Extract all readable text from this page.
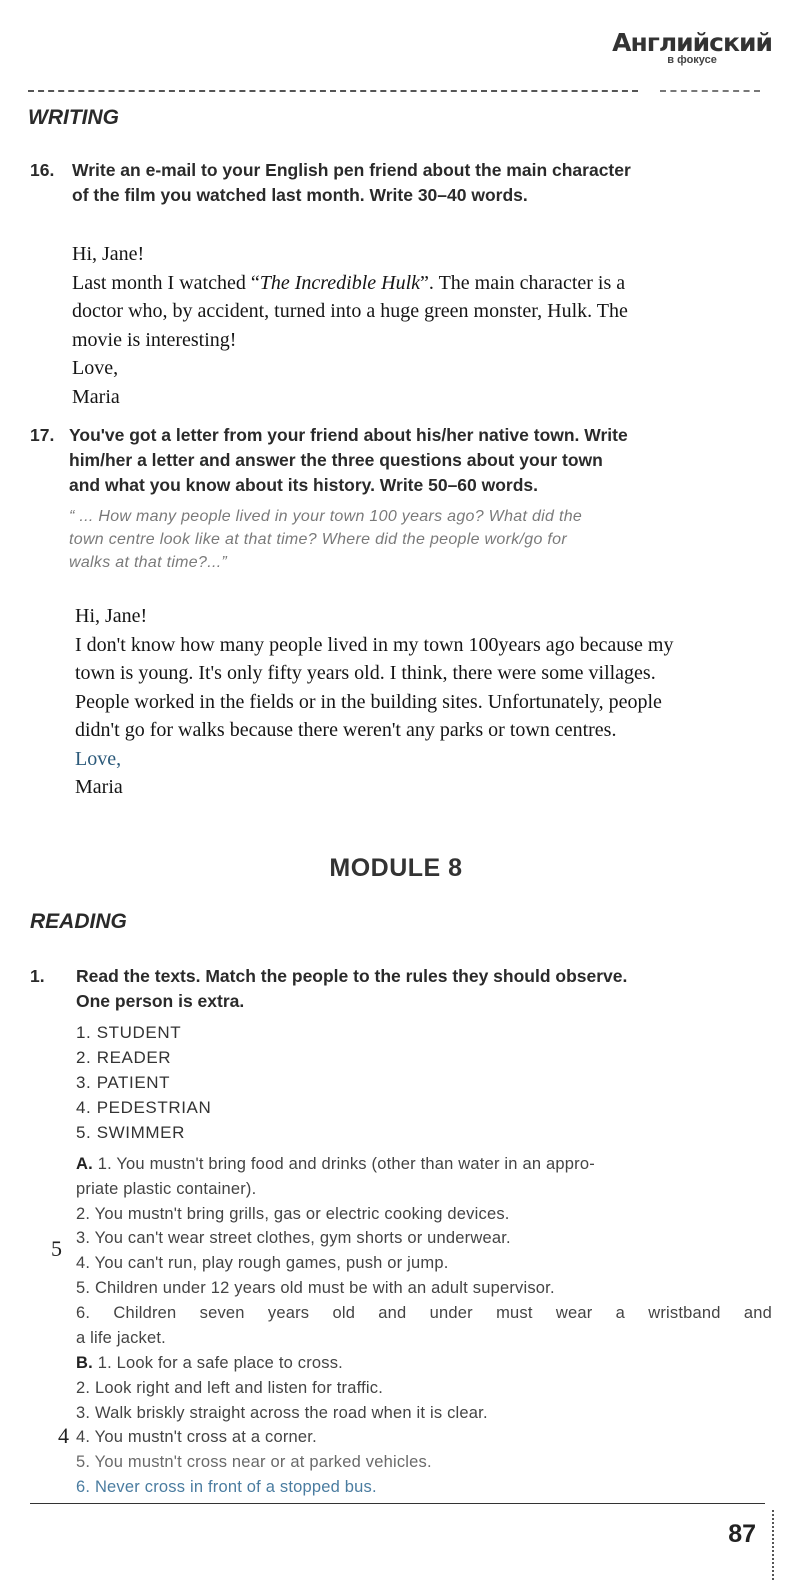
Английский
в фокусе
WRITING
16.	Write an e-mail to your English pen friend about the main character
of the film you watched last month. Write 30–40 words.
Hi, Jane!
Last month I watched “The Incredible Hulk”. The main character is a
doctor who, by accident, turned into a huge green monster, Hulk. The
movie is interesting!
Love,
Maria
17. You've got a letter from your friend about his/her native town. Write
him/her a letter and answer the three questions about your town
and what you know about its history. Write 50–60 words.
“ ... How many people lived in your town 100 years ago? What did the
town centre look like at that time? Where did the people work/go for
walks at that time?...”
Hi, Jane!
I don't know how many people lived in my town 100years ago because my
town is young. It's only fifty years old. I think, there were some villages.
People worked in the fields or in the building sites. Unfortunately, people
didn't go for walks because there weren't any parks or town centres.
Love,
Maria
MODULE 8
READING
1.	Read the texts. Match the people to the rules they should observe.
One person is extra.
1. STUDENT
2. READER
3. PATIENT
4. PEDESTRIAN
5. SWIMMER
A. 1. You mustn't bring food and drinks (other than water in an appro-
priate plastic container).
2. You mustn't bring grills, gas or electric cooking devices.
3. You can't wear street clothes, gym shorts or underwear.
4. You can't run, play rough games, push or jump.
5. Children under 12 years old must be with an adult supervisor.
6. Children seven years old and under must wear a wristband and
a life jacket.
5
B. 1. Look for a safe place to cross.
2. Look right and left and listen for traffic.
3. Walk briskly straight across the road when it is clear.
4. You mustn't cross at a corner.
5. You mustn't cross near or at parked vehicles.
6. Never cross in front of a stopped bus.
4
87
